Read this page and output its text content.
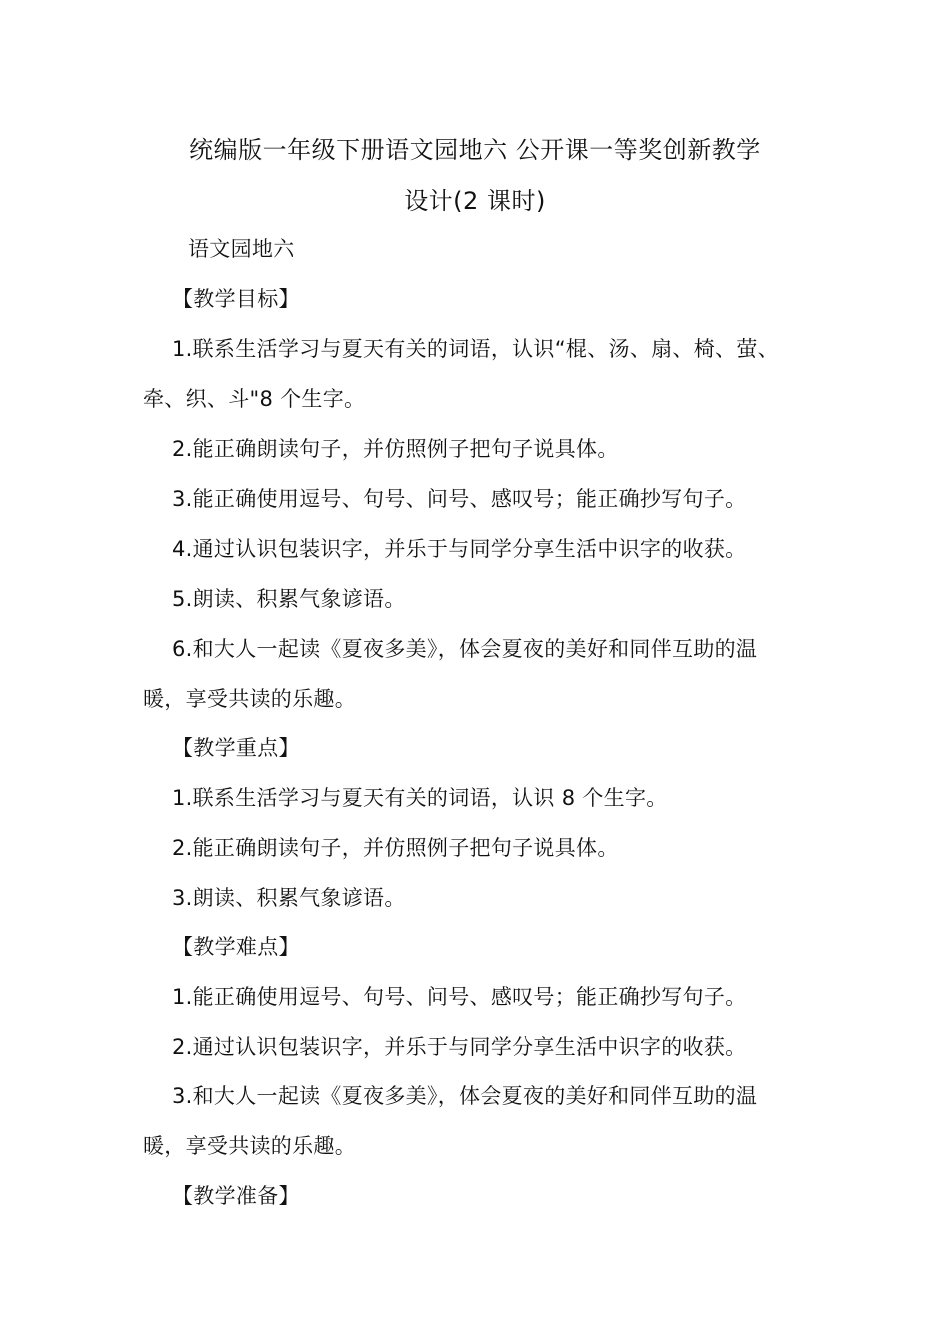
统编版一年级下册语文园地六 公开课一等奖创新教学
设计(2 课时)
语文园地六
【教学目标】
1.联系生活学习与夏天有关的词语，认识“棍、汤、扇、椅、萤、
牵、织、斗"8 个生字。
2.能正确朗读句子，并仿照例子把句子说具体。
3.能正确使用逗号、句号、问号、感叹号；能正确抄写句子。
4.通过认识包装识字，并乐于与同学分享生活中识字的收获。
5.朗读、积累气象谚语。
6.和大人一起读《夏夜多美》，体会夏夜的美好和同伴互助的温
暖，享受共读的乐趣。
【教学重点】
1.联系生活学习与夏天有关的词语，认识 8 个生字。
2.能正确朗读句子，并仿照例子把句子说具体。
3.朗读、积累气象谚语。
【教学难点】
1.能正确使用逗号、句号、问号、感叹号；能正确抄写句子。
2.通过认识包装识字，并乐于与同学分享生活中识字的收获。
3.和大人一起读《夏夜多美》，体会夏夜的美好和同伴互助的温
暖，享受共读的乐趣。
【教学准备】
